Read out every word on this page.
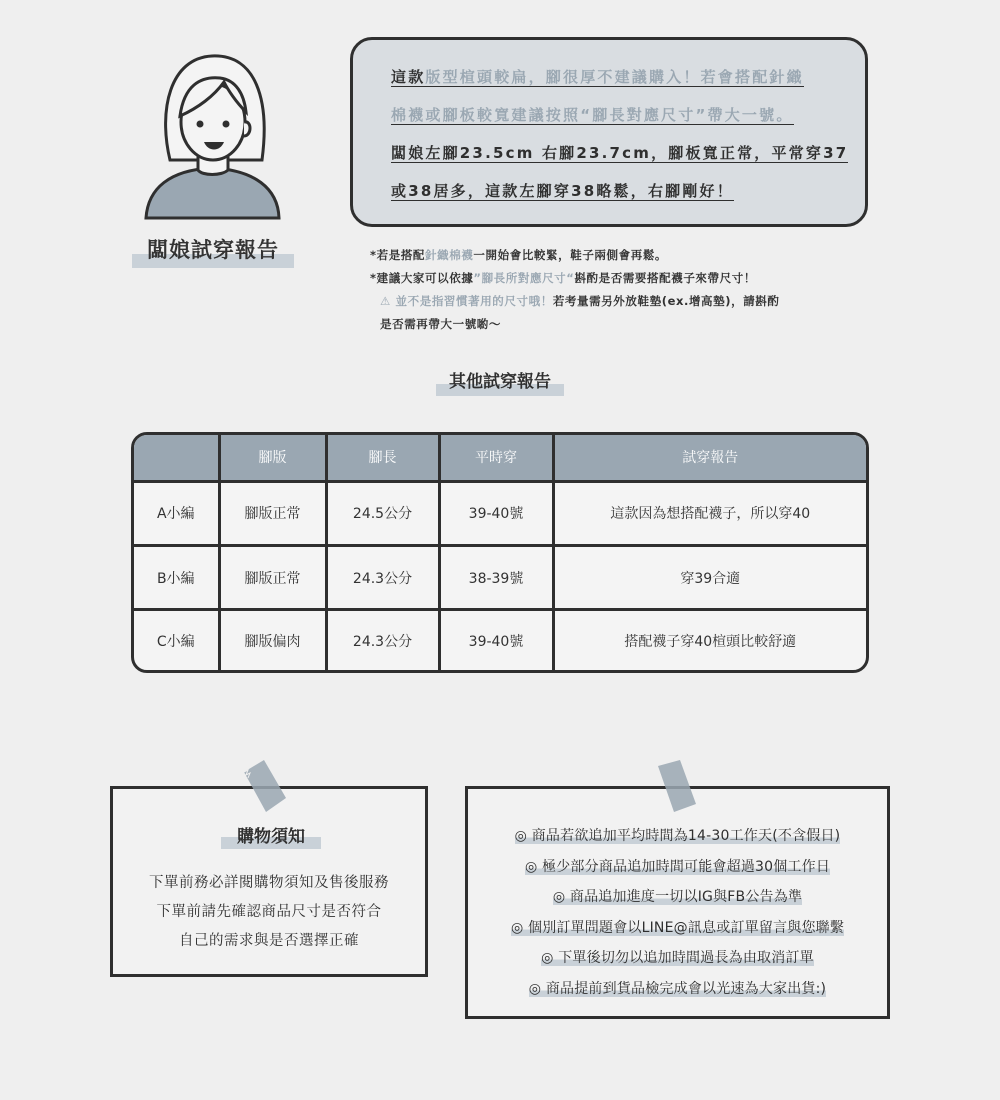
闆娘試穿報告
這款版型楦頭較扁，腳很厚不建議購入！若會搭配針織
棉襪或腳板較寬建議按照“腳長對應尺寸”帶大一號。
闆娘左腳23.5cm 右腳23.7cm，腳板寬正常，平常穿37
或38居多，這款左腳穿38略鬆，右腳剛好！
*若是搭配針織棉襪一開始會比較緊，鞋子兩側會再鬆。
*建議大家可以依據”腳長所對應尺寸“斟酌是否需要搭配襪子來帶尺寸！
⚠ 並不是指習慣著用的尺寸哦！若考量需另外放鞋墊(ex.增高墊)，請斟酌
是否需再帶大一號喲～
其他試穿報告
	腳版	腳長	平時穿	試穿報告
A小編	腳版正常	24.5公分	39-40號	這款因為想搭配襪子，所以穿40
B小編	腳版正常	24.3公分	38-39號	穿39合適
C小編	腳版偏肉	24.3公分	39-40號	搭配襪子穿40楦頭比較舒適
購物須知
下單前務必詳閱購物須知及售後服務
下單前請先確認商品尺寸是否符合
自己的需求與是否選擇正確
◎ 商品若欲追加平均時間為14-30工作天(不含假日)
◎ 極少部分商品追加時間可能會超過30個工作日
◎ 商品追加進度一切以IG與FB公告為準
◎ 個別訂單問題會以LINE@訊息或訂單留言與您聯繫
◎ 下單後切勿以追加時間過長為由取消訂單
◎ 商品提前到貨品檢完成會以光速為大家出貨:)
